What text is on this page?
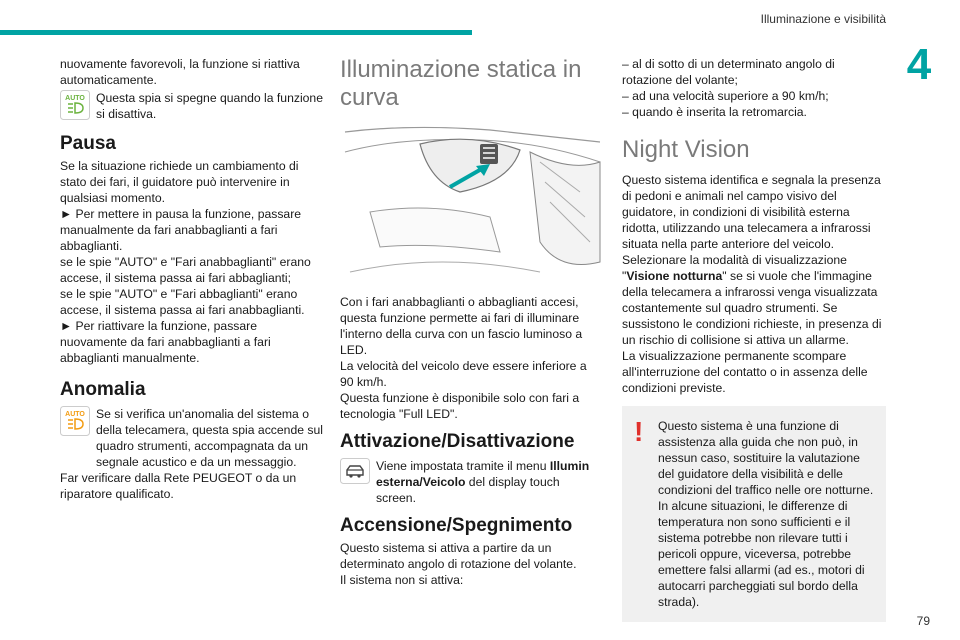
Illuminazione e visibilità
4

nuovamente favorevoli, la funzione si riattiva automaticamente.

AUTO Questa spia si spegne quando la funzione si disattiva.

Pausa

Se la situazione richiede un cambiamento di stato dei fari, il guidatore può intervenire in qualsiasi momento.

► Per mettere in pausa la funzione, passare manualmente da fari anabbaglianti a fari abbaglianti.

se le spie "AUTO" e "Fari anabbaglianti" erano accese, il sistema passa ai fari abbaglianti;

se le spie "AUTO" e "Fari abbaglianti" erano accese, il sistema passa ai fari anabbaglianti.

► Per riattivare la funzione, passare nuovamente da fari anabbaglianti a fari abbaglianti manualmente.

Anomalia
AUTO Se si verifica un'anomalia del sistema o della telecamera, questa spia accende sul quadro strumenti, accompagnata da un segnale acustico e da un messaggio.

Far verificare dalla Rete PEUGEOT o da un riparatore qualificato.

Illuminazione statica in curva

Con i fari anabbaglianti o abbaglianti accesi, questa funzione permette ai fari di illuminare l'interno della curva con un fascio luminoso a LED.

La velocità del veicolo deve essere inferiore a 90 km/h.

Questa funzione è disponibile solo con fari a tecnologia "Full LED".

Attivazione/Disattivazione

Viene impostata tramite il menu Illumin esterna/Veicolo del display touch screen.

Accensione/Spegnimento

Questo sistema si attiva a partire da un determinato angolo di rotazione del volante.

Il sistema non si attiva:

– al di sotto di un determinato angolo di rotazione del volante;

– ad una velocità superiore a 90 km/h;

– quando è inserita la retromarcia.

Night Vision

Questo sistema identifica e segnala la presenza di pedoni e animali nel campo visivo del guidatore, in condizioni di visibilità esterna ridotta, utilizzando una telecamera a infrarossi situata nella parte anteriore del veicolo.

Selezionare la modalità di visualizzazione

"Visione notturna" se si vuole che l'immagine della telecamera a infrarossi venga visualizzata costantemente sul quadro strumenti. Se sussistono le condizioni richieste, in presenza di un rischio di collisione si attiva un allarme.

La visualizzazione permanente scompare all'interruzione del contatto o in assenza delle condizioni previste.

! Questo sistema è una funzione di assistenza alla guida che non può, in nessun caso, sostituire la valutazione del guidatore della visibilità e delle condizioni del traffico nelle ore notturne.

In alcune situazioni, le differenze di temperatura non sono sufficienti e il sistema potrebbe non rilevare tutti i pericoli oppure, viceversa, potrebbe emettere falsi allarmi (ad es., motori di autocarri parcheggiati sul bordo della strada).

79
